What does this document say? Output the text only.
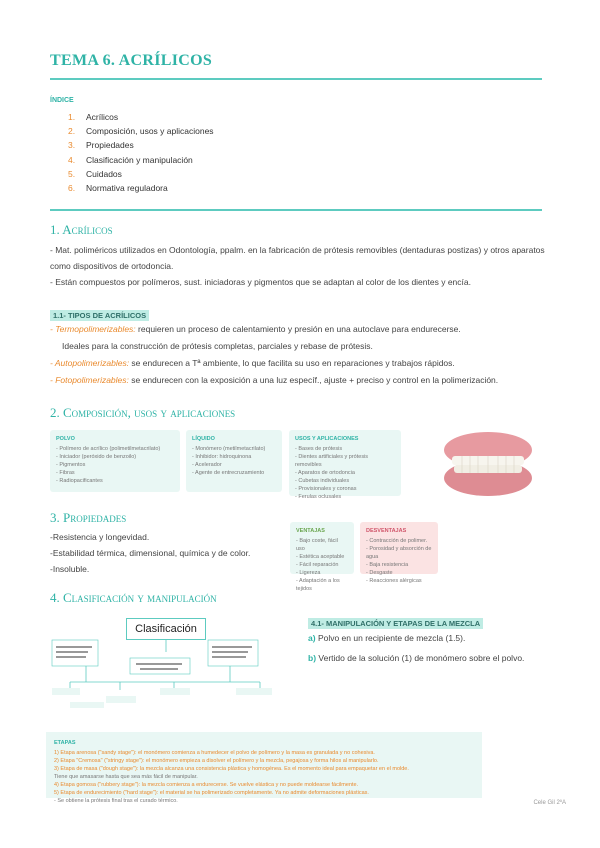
TEMA 6. ACRÍLICOS
ÍNDICE
1. Acrílicos
2. Composición, usos y aplicaciones
3. Propiedades
4. Clasificación y manipulación
5. Cuidados
6. Normativa reguladora
1. Acrílicos
- Mat. poliméricos utilizados en Odontología, ppalm. en la fabricación de prótesis removibles (dentaduras postizas) y otros aparatos como dispositivos de ortodoncia.
- Están compuestos por polímeros, sust. iniciadoras y pigmentos que se adaptan al color de los dientes y encía.
1.1- TIPOS DE ACRÍLICOS
- Termopolimerizables: requieren un proceso de calentamiento y presión en una autoclave para endurecerse.
Ideales para la construcción de prótesis completas, parciales y rebase de prótesis.
- Autopolimerizables: se endurecen a Tª ambiente, lo que facilita su uso en reparaciones y trabajos rápidos.
- Fotopolimerizables: se endurecen con la exposición a una luz específ., ajuste + preciso y control en la polimerización.
2. Composición, usos y aplicaciones
POLVO
- Polímero de acrílico (polimetilmetacrilato)
- Iniciador (peróxido de benzoilo)
- Pigmentos
- Fibras
- Radiopacificantes
LÍQUIDO
- Monómero (metilmetacrilato)
- Inhibidor: hidroquinona
- Acelerador
- Agente de entrecruzamiento
USOS Y APLICACIONES
- Bases de prótesis
- Dientes artificiales y prótesis removibles
- Aparatos de ortodoncia
- Cubetas individuales
- Provisionales y coronas
- Ferulas oclusales
3. Propiedades
-Resistencia y longevidad.
-Estabilidad térmica, dimensional, química y de color.
-Insoluble.
VENTAJAS
- Bajo coste, fácil uso
- Estética aceptable
- Fácil reparación
- Ligereza
- Adaptación a los tejidos
DESVENTAJAS
- Contracción de polimer.
- Porosidad y absorción de agua
- Baja resistencia
- Desgaste
- Reacciones alérgicas
4. Clasificación y manipulación
Clasificación	4.1- MANIPULACIÓN Y ETAPAS DE LA MEZCLA
a) Polvo en un recipiente de mezcla (1.5).
b) Vertido de la solución (1) de monómero sobre el polvo.
ETAPAS
1) Etapa arenosa ("sandy stage"): el monómero comienza a humedecer el polvo de polímero y la masa es granulada y no cohesiva.
2) Etapa "Cremosa" ("stringy stage"): el monómero empieza a disolver el polímero y la mezcla, pegajosa y forma hilos al manipularlo.
3) Etapa de masa ("dough stage"): la mezcla alcanza una consistencia plástica y homogénea. Es el momento ideal para empaquetar en el molde.
Tiene que amasarse hasta que sea más fácil de manipular.
4) Etapa gomosa ("rubbery stage"): la mezcla comienza a endurecerse. Se vuelve elástica y no puede moldearse fácilmente.
5) Etapa de endurecimiento ("hard stage"): el material se ha polimerizado completamente. Ya no admite deformaciones plásticas.
- Se obtiene la prótesis final tras el curado térmico.	Cele Gil 2ºA
